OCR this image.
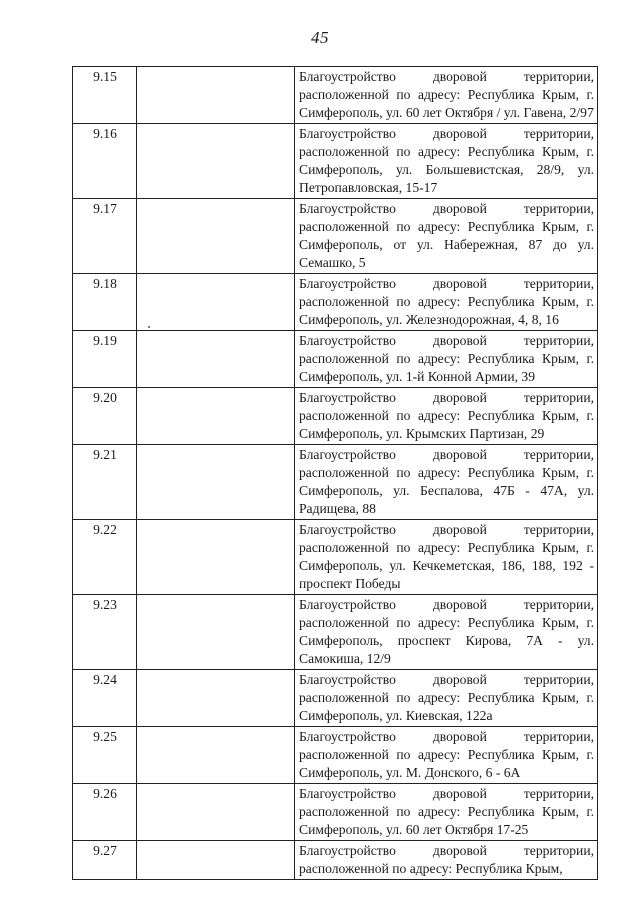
45
9.15		Благоустройство дворовой территории, расположенной по адресу: Республика Крым, г. Симферополь, ул. 60 лет Октября / ул. Гавена, 2/97
9.16		Благоустройство дворовой территории, расположенной по адресу: Республика Крым, г. Симферополь, ул. Большевистская, 28/9, ул. Петропавловская, 15-17
9.17		Благоустройство дворовой территории, расположенной по адресу: Республика Крым, г. Симферополь, от ул. Набережная, 87 до ул. Семашко, 5
9.18		Благоустройство дворовой территории, расположенной по адресу: Республика Крым, г. Симферополь, ул. Железнодорожная, 4, 8, 16
9.19		Благоустройство дворовой территории, расположенной по адресу: Республика Крым, г. Симферополь, ул. 1-й Конной Армии, 39
9.20		Благоустройство дворовой территории, расположенной по адресу: Республика Крым, г. Симферополь, ул. Крымских Партизан, 29
9.21		Благоустройство дворовой территории, расположенной по адресу: Республика Крым, г. Симферополь, ул. Беспалова, 47Б - 47А, ул. Радищева, 88
9.22		Благоустройство дворовой территории, расположенной по адресу: Республика Крым, г. Симферополь, ул. Кечкеметская, 186, 188, 192 - проспект Победы
9.23		Благоустройство дворовой территории, расположенной по адресу: Республика Крым, г. Симферополь, проспект Кирова, 7А - ул. Самокиша, 12/9
9.24		Благоустройство дворовой территории, расположенной по адресу: Республика Крым, г. Симферополь, ул. Киевская, 122а
9.25		Благоустройство дворовой территории, расположенной по адресу: Республика Крым, г. Симферополь, ул. М. Донского, 6 - 6А
9.26		Благоустройство дворовой территории, расположенной по адресу: Республика Крым, г. Симферополь, ул. 60 лет Октября 17-25
9.27		Благоустройство дворовой территории, расположенной по адресу: Республика Крым,
